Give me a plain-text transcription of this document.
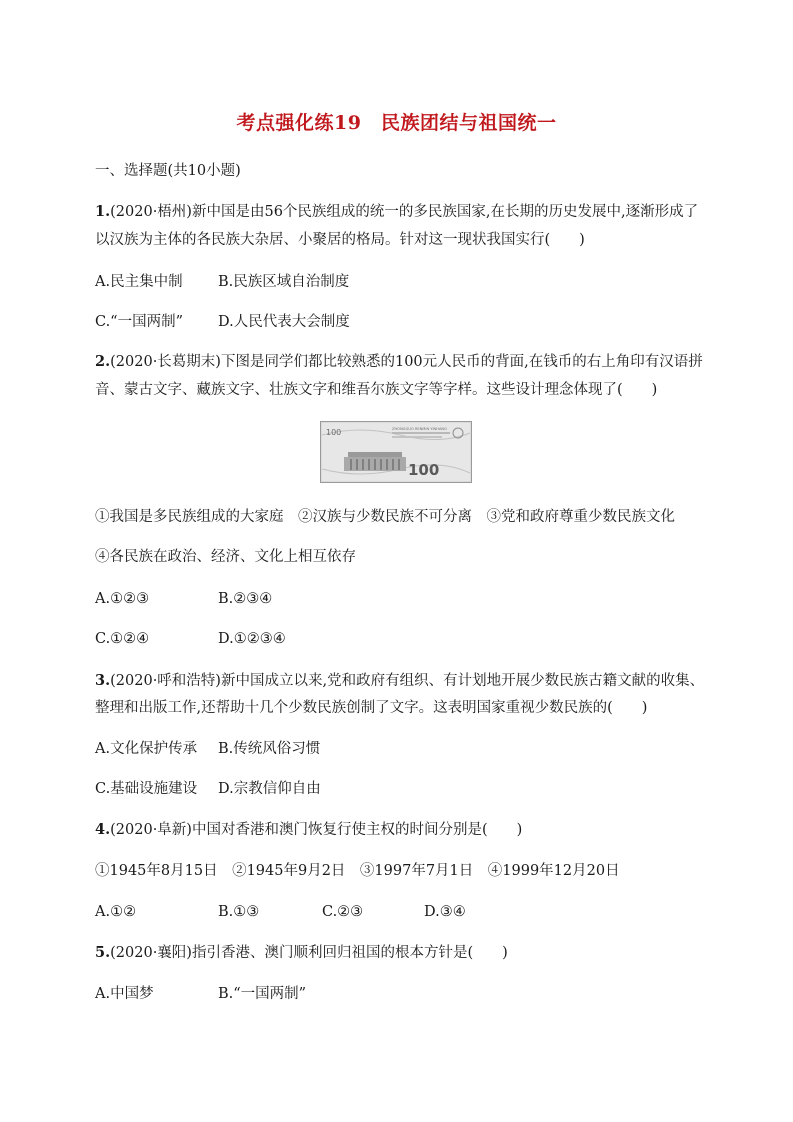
考点强化练19　民族团结与祖国统一
一、选择题(共10小题)
1.(2020·梧州)新中国是由56个民族组成的统一的多民族国家,在长期的历史发展中,逐渐形成了
以汉族为主体的各民族大杂居、小聚居的格局。针对这一现状我国实行(　　)
A.民主集中制 B.民族区域自治制度
C.“一国两制” D.人民代表大会制度
2.(2020·长葛期末)下图是同学们都比较熟悉的100元人民币的背面,在钱币的右上角印有汉语拼
音、蒙古文字、藏族文字、壮族文字和维吾尔族文字等字样。这些设计理念体现了(　　)
100	ZHONGGUO RENMIN YINHANG
100
①我国是多民族组成的大家庭　②汉族与少数民族不可分离　③党和政府尊重少数民族文化
④各民族在政治、经济、文化上相互依存
A.①②③	B.②③④
C.①②④	D.①②③④
3.(2020·呼和浩特)新中国成立以来,党和政府有组织、有计划地开展少数民族古籍文献的收集、
整理和出版工作,还帮助十几个少数民族创制了文字。这表明国家重视少数民族的(　　)
A.文化保护传承 B.传统风俗习惯
C.基础设施建设 D.宗教信仰自由
4.(2020·阜新)中国对香港和澳门恢复行使主权的时间分别是(　　)
①1945年8月15日　②1945年9月2日　③1997年7月1日　④1999年12月20日
A.①②	B.①③	C.②③	D.③④
5.(2020·襄阳)指引香港、澳门顺利回归祖国的根本方针是(　　)
A.中国梦	B.“一国两制”
